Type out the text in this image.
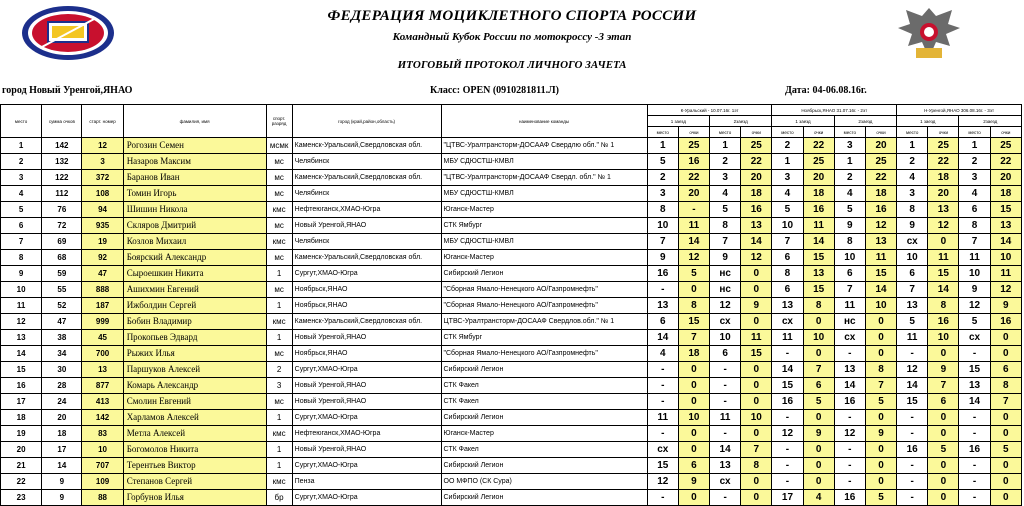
ФЕДЕРАЦИЯ МОЦИКЛЕТНОГО СПОРТА РОССИИ
Командный Кубок России по мотокроссу -3 этап
ИТОГОВЫЙ ПРОТОКОЛ ЛИЧНОГО ЗАЧЕТА
город Новый Уренгой,ЯНАО	Класс: OPEN (0910281811.Л)	Дата: 04-06.08.16г.
место	сумма очков	старт. номер	фамилия, имя	спорт. разряд	город (край,район,область)	наименование команды	К-Уральский - 10.07.16г. 1эт				Ноябрьск,ЯНАО 31.07.16г. - 2эт				Н-Уренгой,ЯНАО 306.08.16г. - 3эт			
							1 заезд		2заезд		1 заезд		2заезд		1 заезд		2заезд	
							место	очки	место	очки	место	очки	место	очки	место	очки	место	очки
1	142	12	Рогозин Семен	мсмк	Каменск-Уральский,Свердловская обл.	"ЦТВС-Уралтрансторм-ДОСААФ Свердлю обл." № 1	1	25	1	25	2	22	3	20	1	25	1	25
2	132	3	Назаров Максим	мс	Челябинск	МБУ СДЮСТШ-КМВЛ	5	16	2	22	1	25	1	25	2	22	2	22
3	122	372	Баранов Иван	мс	Каменск-Уральский,Свердловская обл.	"ЦТВС-Уралтрансторм-ДОСААФ Свердл. обл." № 1	2	22	3	20	3	20	2	22	4	18	3	20
4	112	108	Томин Игорь	мс	Челябинск	МБУ СДЮСТШ-КМВЛ	3	20	4	18	4	18	4	18	3	20	4	18
5	76	94	Шишин Никола	кмс	Нефтеюганск,ХМАО-Югра	Юганск-Мастер	8	-	5	16	5	16	5	16	8	13	6	15
6	72	935	Скляров Дмитрий	мс	Новый Уренгой,ЯНАО	СТК Ямбург	10	11	8	13	10	11	9	12	9	12	8	13
7	69	19	Козлов Михаил	кмс	Челябинск	МБУ СДЮСТШ-КМВЛ	7	14	7	14	7	14	8	13	сх	0	7	14
8	68	92	Боярский Александр	мс	Каменск-Уральский,Свердловская обл.	Юганск-Мастер	9	12	9	12	6	15	10	11	10	11	11	10
9	59	47	Сыроешкин Никита	1	Сургут,ХМАО-Югра	Сибирский Легион	16	5	нс	0	8	13	6	15	6	15	10	11
10	55	888	Ашихмин Евгений	мс	Ноябрьск,ЯНАО	"Сборная Ямало-Ненецкого АО/Газпромнефть"	-	0	нс	0	6	15	7	14	7	14	9	12
11	52	187	Ижболдин Сергей	1	Ноябрьск,ЯНАО	"Сборная Ямало-Ненецкого АО/Газпромнефть"	13	8	12	9	13	8	11	10	13	8	12	9
12	47	999	Бобин Владимир	кмс	Каменск-Уральский,Свердловская обл.	ЦТВС-Уралтрансторм-ДОСААФ Свердлов.обл." № 1	6	15	сх	0	сх	0	нс	0	5	16	5	16
13	38	45	Прокопьев Эдвард	1	Новый Уренгой,ЯНАО	СТК Ямбург	14	7	10	11	11	10	сх	0	11	10	сх	0
14	34	700	Рыжих Илья	мс	Ноябрьск,ЯНАО	"Сборная Ямало-Ненецкого АО/Газпромнефть"	4	18	6	15	-	0	-	0	-	0	-	0
15	30	13	Паршуков Алексей	2	Сургут,ХМАО-Югра	Сибирский Легион	-	0	-	0	14	7	13	8	12	9	15	6
16	28	877	Комарь Александр	3	Новый Уренгой,ЯНАО	СТК Факел	-	0	-	0	15	6	14	7	14	7	13	8
17	24	413	Смолин Евгений	мс	Новый Уренгой,ЯНАО	СТК Факел	-	0	-	0	16	5	16	5	15	6	14	7
18	20	142	Харламов Алексей	1	Сургут,ХМАО-Югра	Сибирский Легион	11	10	11	10	-	0	-	0	-	0	-	0
19	18	83	Метла Алексей	кмс	Нефтеюганск,ХМАО-Югра	Юганск-Мастер	-	0	-	0	12	9	12	9	-	0	-	0
20	17	10	Богомолов Никита	1	Новый Уренгой,ЯНАО	СТК Факел	сх	0	14	7	-	0	-	0	16	5	16	5
21	14	707	Терентьев Виктор	1	Сургут,ХМАО-Югра	Сибирский Легион	15	6	13	8	-	0	-	0	-	0	-	0
22	9	109	Степанов Сергей	кмс	Пенза	ОО МФПО (СК Сура)	12	9	сх	0	-	0	-	0	-	0	-	0
23	9	88	Горбунов Илья	бр	Сургут,ХМАО-Югра	Сибирский Легион	-	0	-	0	17	4	16	5	-	0	-	0
